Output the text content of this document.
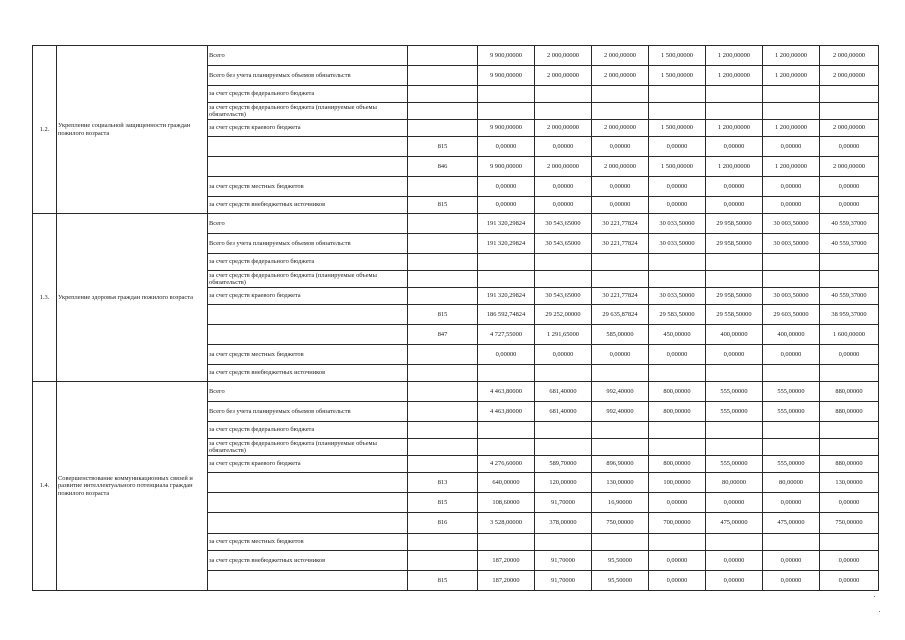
1.2.	Укрепление социальной защищенности граждан пожилого возраста	Всего		9 900,00000	2 000,00000	2 000,00000	1 500,00000	1 200,00000	1 200,00000	2 000,00000
		Всего без учета планируемых объемов обязательств		9 900,00000	2 000,00000	2 000,00000	1 500,00000	1 200,00000	1 200,00000	2 000,00000
		за счет средств федерального бюджета								
		за счет средств федерального бюджета (планируемые объемы обязательств)								
		за счет средств краевого бюджета		9 900,00000	2 000,00000	2 000,00000	1 500,00000	1 200,00000	1 200,00000	2 000,00000
			815	0,00000	0,00000	0,00000	0,00000	0,00000	0,00000	0,00000
			846	9 900,00000	2 000,00000	2 000,00000	1 500,00000	1 200,00000	1 200,00000	2 000,00000
		за счет средств местных бюджетов		0,00000	0,00000	0,00000	0,00000	0,00000	0,00000	0,00000
		за счет средств внебюджетных источников	815	0,00000	0,00000	0,00000	0,00000	0,00000	0,00000	0,00000
1.3.	Укрепление здоровья граждан пожилого возраста	Всего		191 320,29824	30 543,65000	30 221,77824	30 033,50000	29 958,50000	30 003,50000	40 559,37000
		Всего без учета планируемых объемов обязательств		191 320,29824	30 543,65000	30 221,77824	30 033,50000	29 958,50000	30 003,50000	40 559,37000
		за счет средств федерального бюджета								
		за счет средств федерального бюджета (планируемые объемы обязательств)								
		за счет средств краевого бюджета		191 320,29824	30 543,65000	30 221,77824	30 033,50000	29 958,50000	30 003,50000	40 559,37000
			815	186 592,74824	29 252,00000	29 635,87824	29 583,50000	29 558,50000	29 603,50000	38 959,37000
			847	4 727,55000	1 291,65000	585,00000	450,00000	400,00000	400,00000	1 600,00000
		за счет средств местных бюджетов		0,00000	0,00000	0,00000	0,00000	0,00000	0,00000	0,00000
		за счет средств внебюджетных источников								
1.4.	Совершенствование коммуникационных связей и развитие интеллектуального потенциала граждан пожилого возраста	Всего		4 463,80000	681,40000	992,40000	800,00000	555,00000	555,00000	880,00000
		Всего без учета планируемых объемов обязательств		4 463,80000	681,40000	992,40000	800,00000	555,00000	555,00000	880,00000
		за счет средств федерального бюджета								
		за счет средств федерального бюджета (планируемые объемы обязательств)								
		за счет средств краевого бюджета		4 276,60000	589,70000	896,90000	800,00000	555,00000	555,00000	880,00000
			813	640,00000	120,00000	130,00000	100,00000	80,00000	80,00000	130,00000
			815	108,60000	91,70000	16,90000	0,00000	0,00000	0,00000	0,00000
			816	3 528,00000	378,00000	750,00000	700,00000	475,00000	475,00000	750,00000
		за счет средств местных бюджетов								
		за счет средств внебюджетных источников		187,20000	91,70000	95,50000	0,00000	0,00000	0,00000	0,00000
			815	187,20000	91,70000	95,50000	0,00000	0,00000	0,00000	0,00000
